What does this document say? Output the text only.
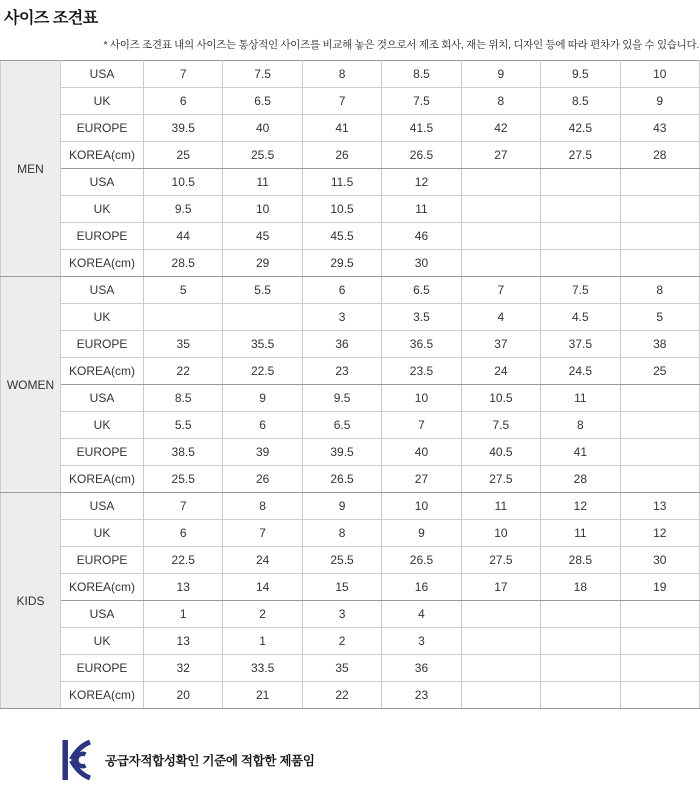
사이즈 조견표

* 사이즈 조견표 내의 사이즈는 통상적인 사이즈를 비교해 놓은 것으로서 제조 회사, 재는 위치, 디자인 등에 따라 편차가 있을 수 있습니다.

MEN	USA	7	7.5	8	8.5	9	9.5	10
	UK	6	6.5	7	7.5	8	8.5	9
	EUROPE	39.5	40	41	41.5	42	42.5	43
	KOREA(cm)	25	25.5	26	26.5	27	27.5	28
	USA	10.5	11	11.5	12			
	UK	9.5	10	10.5	11			
	EUROPE	44	45	45.5	46			
	KOREA(cm)	28.5	29	29.5	30			
WOMEN	USA	5	5.5	6	6.5	7	7.5	8
	UK			3	3.5	4	4.5	5
	EUROPE	35	35.5	36	36.5	37	37.5	38
	KOREA(cm)	22	22.5	23	23.5	24	24.5	25
	USA	8.5	9	9.5	10	10.5	11	
	UK	5.5	6	6.5	7	7.5	8	
	EUROPE	38.5	39	39.5	40	40.5	41	
	KOREA(cm)	25.5	26	26.5	27	27.5	28	
KIDS	USA	7	8	9	10	11	12	13
	UK	6	7	8	9	10	11	12
	EUROPE	22.5	24	25.5	26.5	27.5	28.5	30
	KOREA(cm)	13	14	15	16	17	18	19
	USA	1	2	3	4			
	UK	13	1	2	3			
	EUROPE	32	33.5	35	36			
	KOREA(cm)	20	21	22	23			
공급자적합성확인 기준에 적합한 제품임
